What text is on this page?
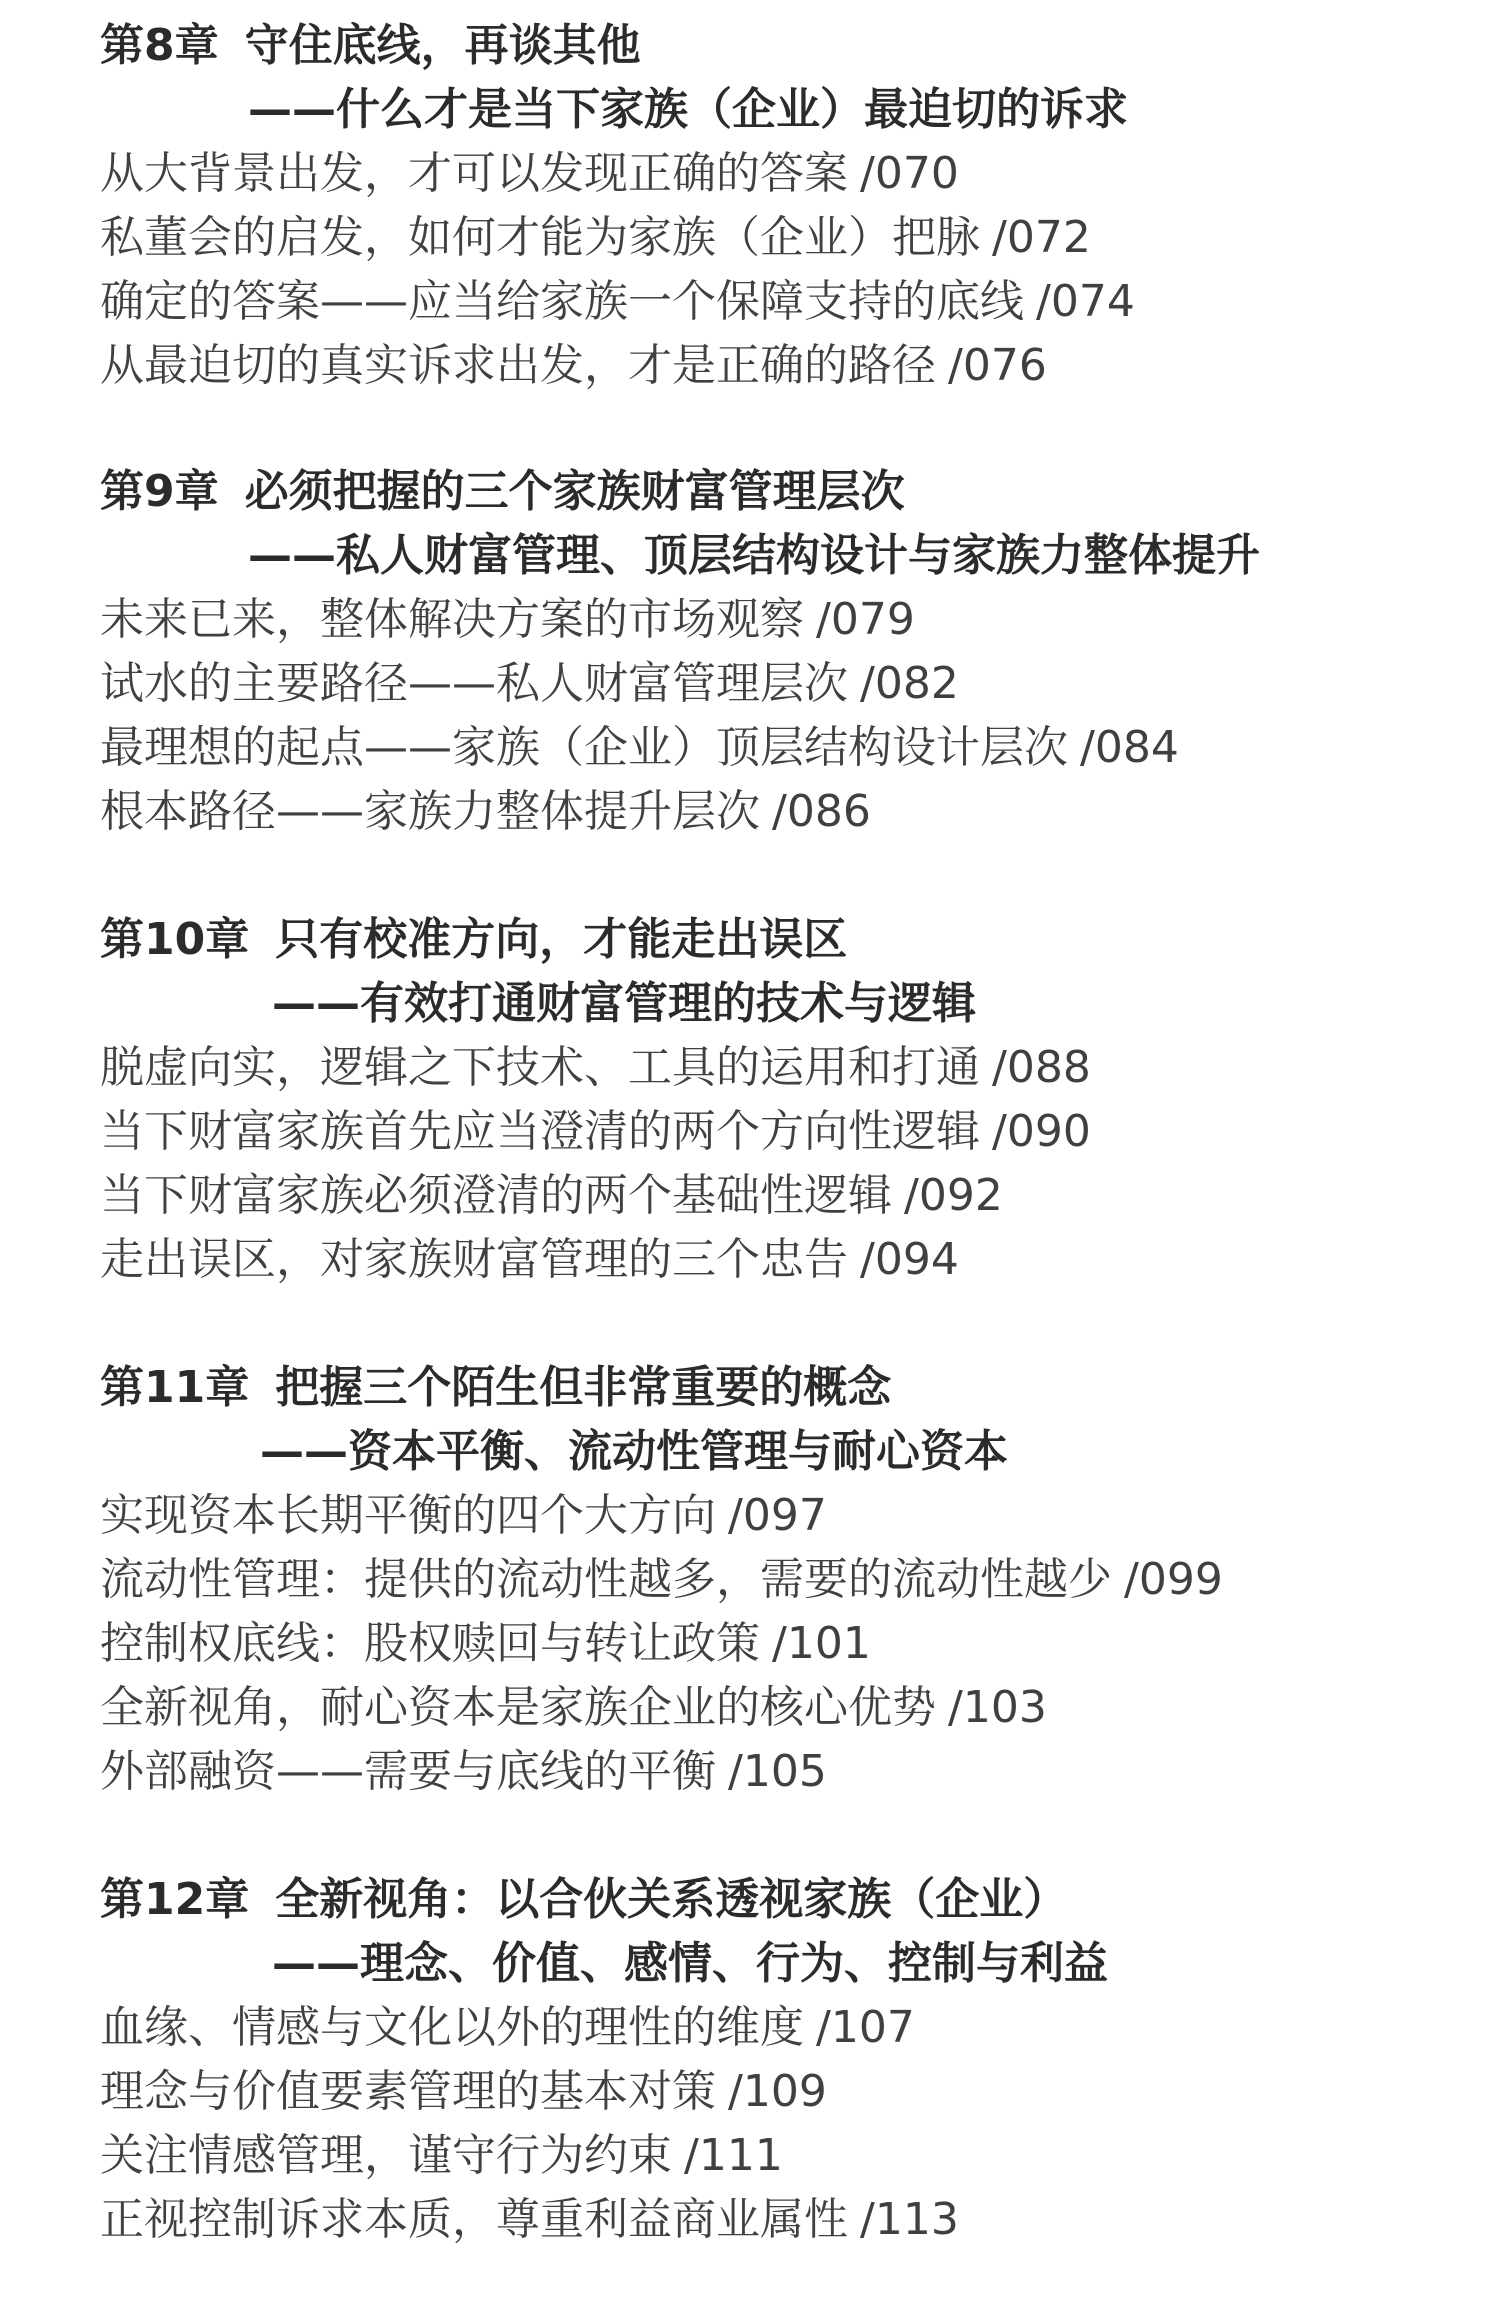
第8章 守住底线，再谈其他
——什么才是当下家族（企业）最迫切的诉求
从大背景出发，才可以发现正确的答案 /070
私董会的启发，如何才能为家族（企业）把脉 /072
确定的答案——应当给家族一个保障支持的底线 /074
从最迫切的真实诉求出发，才是正确的路径 /076
第9章 必须把握的三个家族财富管理层次
——私人财富管理、顶层结构设计与家族力整体提升
未来已来，整体解决方案的市场观察 /079
试水的主要路径——私人财富管理层次 /082
最理想的起点——家族（企业）顶层结构设计层次 /084
根本路径——家族力整体提升层次 /086
第10章 只有校准方向，才能走出误区
——有效打通财富管理的技术与逻辑
脱虚向实，逻辑之下技术、工具的运用和打通 /088
当下财富家族首先应当澄清的两个方向性逻辑 /090
当下财富家族必须澄清的两个基础性逻辑 /092
走出误区，对家族财富管理的三个忠告 /094
第11章 把握三个陌生但非常重要的概念
——资本平衡、流动性管理与耐心资本
实现资本长期平衡的四个大方向 /097
流动性管理：提供的流动性越多，需要的流动性越少 /099
控制权底线：股权赎回与转让政策 /101
全新视角，耐心资本是家族企业的核心优势 /103
外部融资——需要与底线的平衡 /105
第12章 全新视角：以合伙关系透视家族（企业）
——理念、价值、感情、行为、控制与利益
血缘、情感与文化以外的理性的维度 /107
理念与价值要素管理的基本对策 /109
关注情感管理，谨守行为约束 /111
正视控制诉求本质，尊重利益商业属性 /113
